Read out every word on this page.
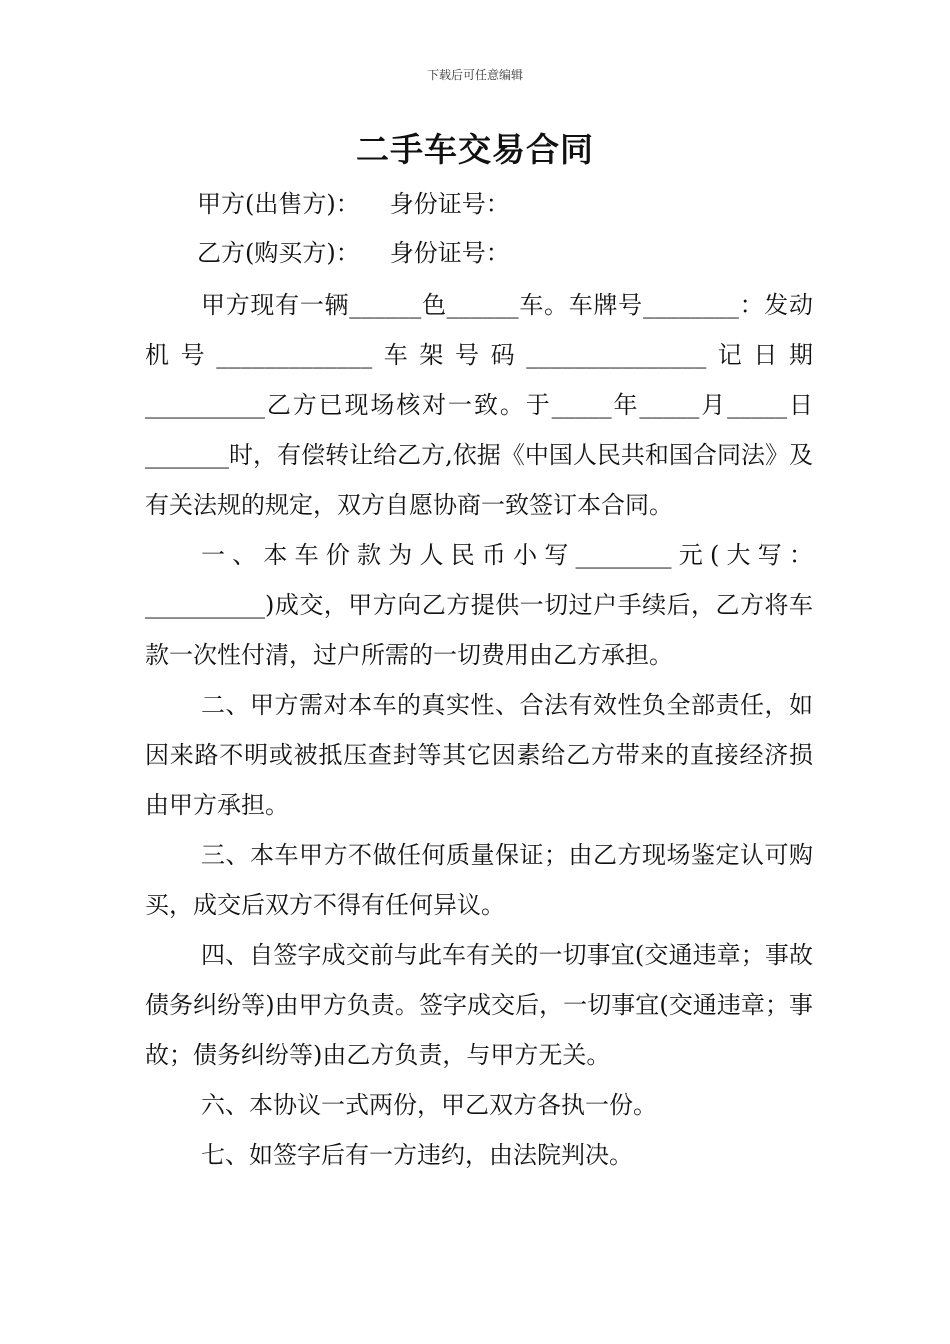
下载后可任意编辑
二手车交易合同
甲方(出售方)： 身份证号：
乙方(购买方)： 身份证号：

甲方现有一辆______色______车。车牌号________：发动机号_____________车架号码_______________记日期__________乙方已现场核对一致。于_____年_____月_____日_______时，有偿转让给乙方,依据《中国人民共和国合同法》及有关法规的规定，双方自愿协商一致签订本合同。

一、本车价款为人民币小写________元(大写：__________)成交，甲方向乙方提供一切过户手续后，乙方将车款一次性付清，过户所需的一切费用由乙方承担。

二、甲方需对本车的真实性、合法有效性负全部责任，如因来路不明或被抵压查封等其它因素给乙方带来的直接经济损由甲方承担。

三、本车甲方不做任何质量保证；由乙方现场鉴定认可购买，成交后双方不得有任何异议。

四、自签字成交前与此车有关的一切事宜(交通违章；事故债务纠纷等)由甲方负责。签字成交后，一切事宜(交通违章；事故；债务纠纷等)由乙方负责，与甲方无关。

六、本协议一式两份，甲乙双方各执一份。

七、如签字后有一方违约，由法院判决。
